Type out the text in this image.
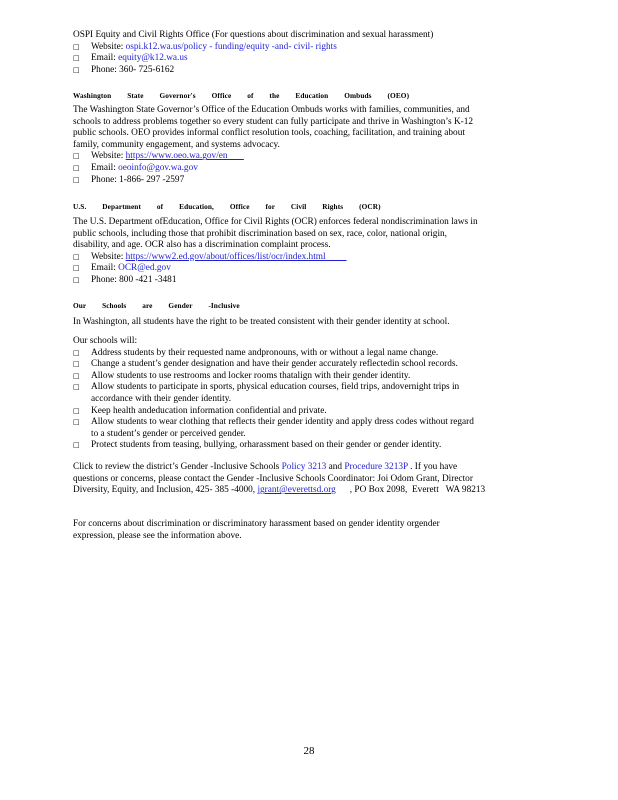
OSPI Equity and Civil Rights Office (For questions about discrimination and sexual harassment)
□ Website: ospi.k12.wa.us/policy - funding/equity -and- civil- rights
□ Email: equity@k12.wa.us
□ Phone: 360- 725-6162
Washington State Governor's Office of the Education Ombuds (OEO)
The Washington State Governor’s Office of the Education Ombuds works with families, communities, and
schools to address problems together so every student can fully participate and thrive in Washington’s K-12
public schools. OEO provides informal conflict resolution tools, coaching, facilitation, and training about
family, community engagement, and systems advocacy.
□ Website: https://www.oeo.wa.gov/en
□ Email: oeoinfo@gov.wa.gov
□ Phone: 1-866- 297 -2597
U.S. Department of Education, Office for Civil Rights (OCR)
The U.S. Department ofEducation, Office for Civil Rights (OCR) enforces federal nondiscrimination laws in
public schools, including those that prohibit discrimination based on sex, race, color, national origin,
disability, and age. OCR also has a discrimination complaint process.
□ Website: https://www2.ed.gov/about/offices/list/ocr/index.html
□ Email: OCR@ed.gov
□ Phone: 800 -421 -3481
Our Schools are Gender -Inclusive
In Washington, all students have the right to be treated consistent with their gender identity at school.
Our schools will:
□ Address students by their requested name andpronouns, with or without a legal name change.
□ Change a student’s gender designation and have their gender accurately reflectedin school records.
□ Allow students to use restrooms and locker rooms thatalign with their gender identity.
□ Allow students to participate in sports, physical education courses, field trips, andovernight trips in
accordance with their gender identity.
□ Keep health andeducation information confidential and private.
□ Allow students to wear clothing that reflects their gender identity and apply dress codes without regard
to a student’s gender or perceived gender.
□ Protect students from teasing, bullying, orharassment based on their gender or gender identity.
Click to review the district’s Gender -Inclusive Schools Policy 3213 and Procedure 3213P . If you have
questions or concerns, please contact the Gender -Inclusive Schools Coordinator: Joi Odom Grant, Director
Diversity, Equity, and Inclusion, 425- 385 -4000, jgrant@everettsd.org      , PO Box 2098,  Everett   WA 98213
For concerns about discrimination or discriminatory harassment based on gender identity orgender
expression, please see the information above.
28
